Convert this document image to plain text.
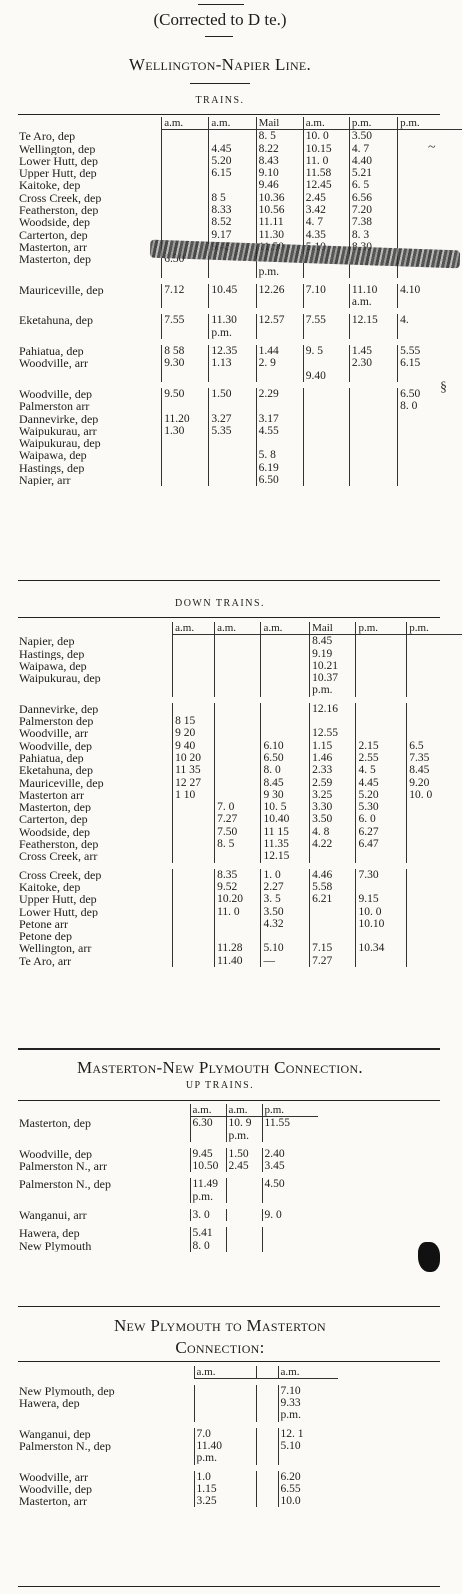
(Corrected to D te.)
Wellington-Napier Line.
TRAINS.
	a.m.	a.m.	Mail	a.m.	p.m.	p.m.
Te Aro, dep			8. 5	10. 0	3.50	
Wellington, dep		4.45	8.22	10.15	4. 7	
Lower Hutt, dep		5.20	8.43	11. 0	4.40	
Upper Hutt, dep		6.15	9.10	11.58	5.21	
Kaitoke, dep			9.46	12.45	6. 5	
Cross Creek, dep		8 5	10.36	2.45	6.56	
Featherston, dep		8.33	10.56	3.42	7.20	
Woodside, dep		8.52	11.11	4. 7	7.38	
Carterton, dep		9.17	11.30	4.35	8. 3	
Masterton, arr						
Masterton, dep	6.30					
			p.m.			

Mauriceville, dep	7.12	10.45	12.26	7.10	11.10	4.10
					a.m.	

Eketahuna, dep	7.55	11.30	12.57	7.55	12.15	4.
		p.m.				

Pahiatua, dep	8 58	12.35	1.44	9. 5	1.45	5.55
Woodville, arr	9.30	1.13	2. 9		2.30	6.15
				9.40		

Woodville, dep	9.50	1.50	2.29			6.50
Palmerston arr						8. 0
Dannevirke, dep	11.20	3.27	3.17			
Waipukurau, arr	1.30	5.35	4.55			
Waipukurau, dep						
Waipawa, dep			5. 8			
Hastings, dep			6.19			
Napier, arr			6.50			
DOWN TRAINS.
	a.m.	a.m.	a.m.	Mail	p.m.	p.m.
Napier, dep				8.45		
Hastings, dep				9.19		
Waipawa, dep				10.21		
Waipukurau, dep				10.37		
				p.m.		

Dannevirke, dep				12.16		
Palmerston dep	8 15					
Woodville, arr	9 20			12.55		
Woodville, dep	9 40		6.10	1.15	2.15	6.5
Pahiatua, dep	10 20		6.50	1.46	2.55	7.35
Eketahuna, dep	11 35		8. 0	2.33	4. 5	8.45
Mauriceville, dep	12 27		8.45	2.59	4.45	9.20
Masterton arr	1 10		9 30	3.25	5.20	10. 0
Masterton, dep		7. 0	10. 5	3.30	5.30	
Carterton, dep		7.27	10.40	3.50	6. 0	
Woodside, dep		7.50	11 15	4. 8	6.27	
Featherston, dep		8. 5	11.35	4.22	6.47	
Cross Creek, arr			12.15			

Cross Creek, dep		8.35	1. 0	4.46	7.30	
Kaitoke, dep		9.52	2.27	5.58		
Upper Hutt, dep		10.20	3. 5	6.21	9.15	
Lower Hutt, dep		11. 0	3.50		10. 0	
Petone arr			4.32		10.10	
Petone dep						
Wellington, arr		11.28	5.10	7.15	10.34	
Te Aro, arr		11.40	—	7.27		
Masterton-New Plymouth Connection.
UP TRAINS.
	a.m.	a.m.	p.m.
Masterton, dep	6.30	10. 9	11.55
		p.m.	

Woodville, dep	9.45	1.50	2.40
Palmerston N., arr	10.50	2.45	3.45

Palmerston N., dep	11.49		4.50
	p.m.		

Wanganui, arr	3. 0		9. 0

Hawera, dep	5.41		
New Plymouth	8. 0		
New Plymouth to Masterton
Connection:
	a.m.		a.m.

New Plymouth, dep			7.10
Hawera, dep			9.33
			p.m.

Wanganui, dep	7.0		12. 1
Palmerston N., dep	11.40		5.10
	p.m.		

Woodville, arr	1.0		6.20
Woodville, dep	1.15		6.55
Masterton, arr	3.25		10.0
~
§
